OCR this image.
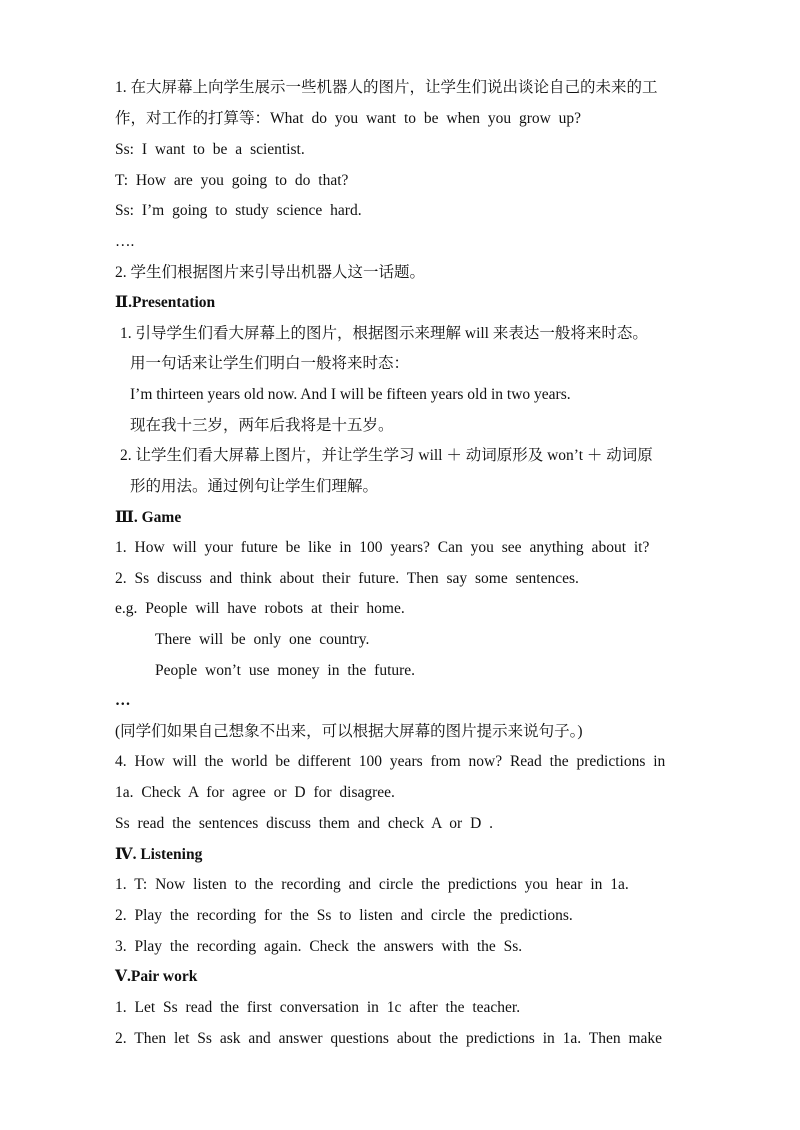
1. 在大屏幕上向学生展示一些机器人的图片，让学生们说出谈论自己的未来的工
作，对工作的打算等：What do you want to be when you grow up?
Ss: I want to be a scientist.
T: How are you going to do that?
Ss: I’m going to study science hard.
….
2. 学生们根据图片来引导出机器人这一话题。
Ⅱ.Presentation
1. 引导学生们看大屏幕上的图片，根据图示来理解 will 来表达一般将来时态。
用一句话来让学生们明白一般将来时态：
I’m thirteen years old now. And I will be fifteen years old in two years.
现在我十三岁，两年后我将是十五岁。
2. 让学生们看大屏幕上图片，并让学生学习 will ＋ 动词原形及 won’t ＋ 动词原
形的用法。通过例句让学生们理解。
Ⅲ. Game
1. How will your future be like in 100 years? Can you see anything about it?
2. Ss discuss and think about their future. Then say some sentences.
e.g. People will have robots at their home.
There will be only one country.
People won’t use money in the future.
…
(同学们如果自己想象不出来，可以根据大屏幕的图片提示来说句子。)
4. How will the world be different 100 years from now? Read the predictions in
1a. Check A for agree or D for disagree.
Ss read the sentences discuss them and check A or D .
Ⅳ. Listening
1. T: Now listen to the recording and circle the predictions you hear in 1a.
2. Play the recording for the Ss to listen and circle the predictions.
3. Play the recording again. Check the answers with the Ss.
Ⅴ.Pair work
1. Let Ss read the first conversation in 1c after the teacher.
2. Then let Ss ask and answer questions about the predictions in 1a. Then make
